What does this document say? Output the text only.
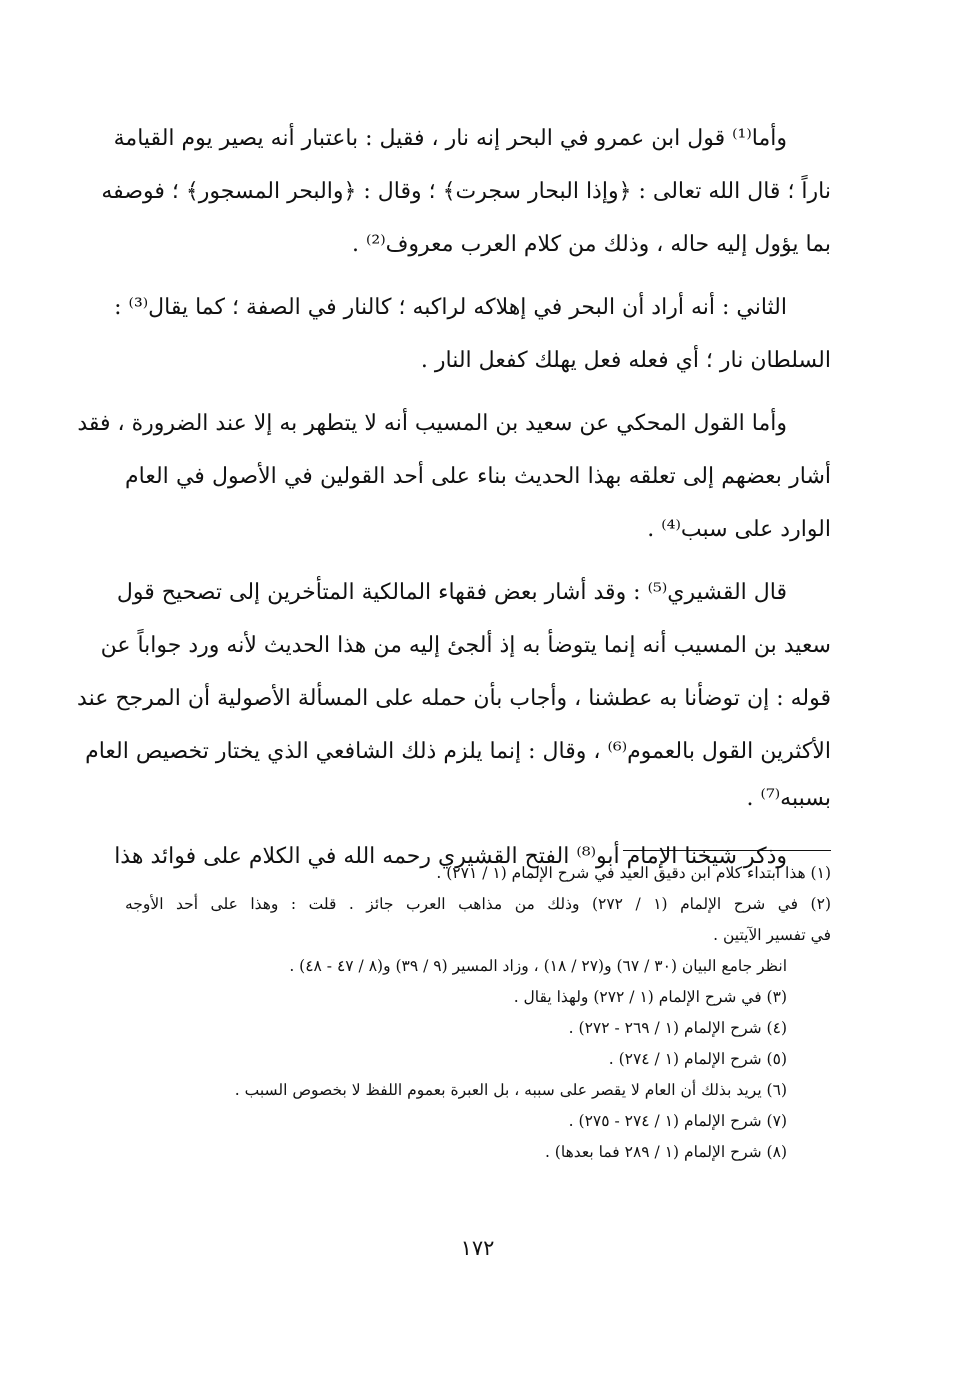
وأما⁽¹⁾ قول ابن عمرو في البحر إنه نار ، فقيل : باعتبار أنه يصير يوم القيامة
ناراً ؛ قال الله تعالى : ﴿وإذا البحار سجرت﴾ ؛ وقال : ﴿والبحر المسجور﴾ ؛ فوصفه
بما يؤول إليه حاله ، وذلك من كلام العرب معروف⁽²⁾ .

الثاني : أنه أراد أن البحر في إهلاكه لراكبه ؛ كالنار في الصفة ؛ كما يقال⁽³⁾ :
السلطان نار ؛ أي فعله فعل يهلك كفعل النار .

وأما القول المحكي عن سعيد بن المسيب أنه لا يتطهر به إلا عند الضرورة ، فقد
أشار بعضهم إلى تعلقه بهذا الحديث بناء على أحد القولين في الأصول في العام
الوارد على سبب⁽⁴⁾ .

قال القشيري⁽⁵⁾ : وقد أشار بعض فقهاء المالكية المتأخرين إلى تصحيح قول
سعيد بن المسيب أنه إنما يتوضأ به إذ ألجئ إليه من هذا الحديث لأنه ورد جواباً عن
قوله : إن توضأنا به عطشنا ، وأجاب بأن حمله على المسألة الأصولية أن المرجح عند
الأكثرين القول بالعموم⁽⁶⁾ ، وقال : إنما يلزم ذلك الشافعي الذي يختار تخصيص العام
بسببه⁽⁷⁾ .

وذكر شيخنا الإمام أبو⁽⁸⁾ الفتح القشيري رحمه الله في الكلام على فوائد هذا

(١) هذا ابتداء كلام ابن دقيق العيد في شرح الإلمام (١ / ٢٧١) .
(٢) في شرح الإلمام (١ / ٢٧٢) وذلك من مذاهب العرب جائز . قلت : وهذا على أحد الأوجه
في تفسير الآيتين .
انظر جامع البيان (٣٠ / ٦٧) و(٢٧ / ١٨) ، وزاد المسير (٩ / ٣٩) و(٨ / ٤٧ - ٤٨) .
(٣) في شرح الإلمام (١ / ٢٧٢) ولهذا يقال .
(٤) شرح الإلمام (١ / ٢٦٩ - ٢٧٢) .
(٥) شرح الإلمام (١ / ٢٧٤) .
(٦) يريد بذلك أن العام لا يقصر على سببه ، بل العبرة بعموم اللفظ لا بخصوص السبب .
(٧) شرح الإلمام (١ / ٢٧٤ - ٢٧٥) .
(٨) شرح الإلمام (١ / ٢٨٩ فما بعدها) .
١٧٢
